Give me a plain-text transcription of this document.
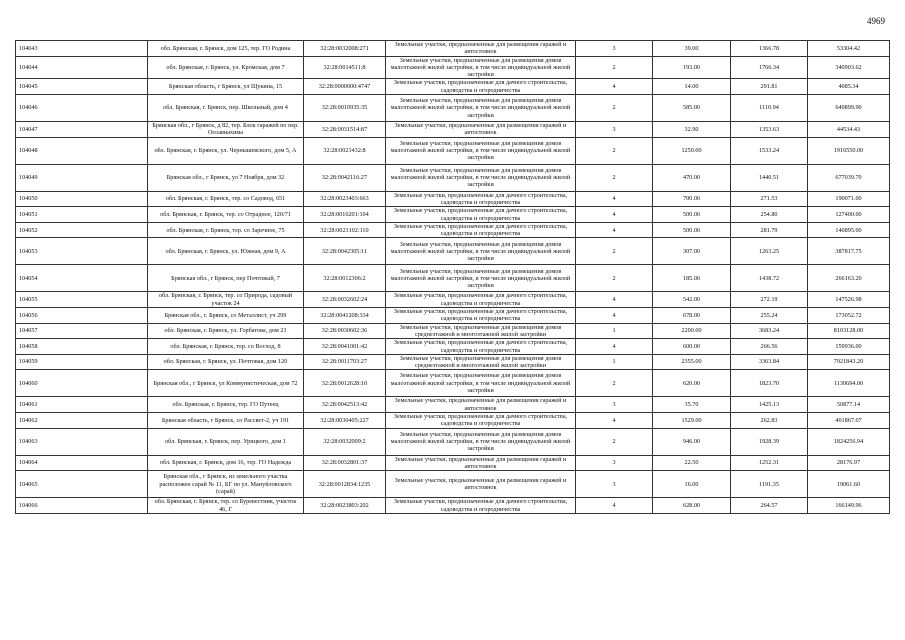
4969
104043	обл. Брянская, г. Брянск, дом 125, тер. ГО Родина	32:28:0032008:271	Земельные участки, предназначенные для размещения гаражей и автостоянок	3	39.00	1366.78	53304.42
104044	обл. Брянская, г. Брянск, ул. Кромская, дом 7	32:28:0014511:8	Земельные участки, предназначенные для размещения домов малоэтажной жилой застройки, в том числе индивидуальной жилой застройки	2	193.00	1766.34	340903.62
104045	Брянская область, г Брянск, ул Щукина, 15	32:28:0000000:4747	Земельные участки, предназначенные для дачного строительства, садоводства и огородничества	4	14.00	291.81	4085.34
104046	обл. Брянская, г. Брянск, пер. Школьный, дом 4	32:28:0010935:35	Земельные участки, предназначенные для размещения домов малоэтажной жилой застройки, в том числе индивидуальной жилой застройки	2	585.00	1110.94	649899.90
104047	Брянская обл., г Брянск, д 82, тер. Блок гаражей по пер. Осоавиахима	32:28:0031514:87	Земельные участки, предназначенные для размещения гаражей и автостоянок	3	32.90	1353.63	44534.43
104048	обл. Брянская, г. Брянск, ул. Чернышевского, дом 5, А	32:28:0021432:8	Земельные участки, предназначенные для размещения домов малоэтажной жилой застройки, в том числе индивидуальной жилой застройки	2	1250.00	1533.24	1916550.00
104049	Брянская обл., г Брянск, ул 7 Ноября, дом 32	32:28:0042116:27	Земельные участки, предназначенные для размещения домов малоэтажной жилой застройки, в том числе индивидуальной жилой застройки	2	470.00	1440.51	677039.70
104050	обл. Брянская, г. Брянск, тер. со Садовод, 651	32:28:0023403:663	Земельные участки, предназначенные для дачного строительства, садоводства и огородничества	4	700.00	271.53	190071.00
104051	обл. Брянская, г. Брянск, тер. со Отрадное, 120/71	32:28:0010201:104	Земельные участки, предназначенные для дачного строительства, садоводства и огородничества	4	500.00	254.80	127400.00
104052	обл. Брянская, г. Брянск, тер. со Заречное, 75	32:28:0023102:110	Земельные участки, предназначенные для дачного строительства, садоводства и огородничества	4	500.00	281.79	140895.00
104053	обл. Брянская, г. Брянск, ул. Южная, дом 9, А	32:28:0042305:11	Земельные участки, предназначенные для размещения домов малоэтажной жилой застройки, в том числе индивидуальной жилой застройки	2	307.00	1263.25	387817.75
104054	Брянская обл., г Брянск, пер Почтовый, 7	32:28:0012306:2	Земельные участки, предназначенные для размещения домов малоэтажной жилой застройки, в том числе индивидуальной жилой застройки	2	185.00	1438.72	266163.20
104055	обл. Брянская, г. Брянск, тер. со Природа, садовый участок 24	32:28:0032602:24	Земельные участки, предназначенные для дачного строительства, садоводства и огородничества	4	542.00	272.19	147526.98
104056	Брянская обл., г. Брянск, со Металлист, уч 299	32:28:0041208:334	Земельные участки, предназначенные для дачного строительства, садоводства и огородничества	4	678.00	255.24	173052.72
104057	обл. Брянская, г. Брянск, ул. Горбатова, дом 21	32:28:0030602:36	Земельные участки, предназначенные для размещения домов среднеэтажной и многоэтажной жилой застройки	1	2200.00	3683.24	8103128.00
104058	обл. Брянская, г. Брянск, тер. со Восход, 8	32:28:0041001:42	Земельные участки, предназначенные для дачного строительства, садоводства и огородничества	4	600.00	266.56	159936.00
104059	обл. Брянская, г. Брянск, ул. Почтовая, дом 120	32:28:0011703:27	Земельные участки, предназначенные для размещения домов среднеэтажной и многоэтажной жилой застройки	1	2355.00	3363.84	7921843.20
104060	Брянская обл., г Брянск, ул Коммунистическая, дом 72	32:28:0012628:10	Земельные участки, предназначенные для размещения домов малоэтажной жилой застройки, в том числе индивидуальной жилой застройки	2	620.00	1823.70	1130694.00
104061	обл. Брянская, г. Брянск, тер. ГО Путеец	32:28:0042513:42	Земельные участки, предназначенные для размещения гаражей и автостоянок	3	35.70	1425.13	50877.14
104062	Брянская область, г Брянск, со Рассвет-2, уч 191	32:28:0030405:227	Земельные участки, предназначенные для дачного строительства, садоводства и огородничества	4	1529.00	262.83	401867.07
104063	обл. Брянская, г. Брянск, пер. Урицкого, дом 1	32:28:0032009:2	Земельные участки, предназначенные для размещения домов малоэтажной жилой застройки, в том числе индивидуальной жилой застройки	2	946.00	1928.39	1824256.94
104064	обл. Брянская, г. Брянск, дом 16, тер. ГО Надежда	32:28:0032801:37	Земельные участки, предназначенные для размещения гаражей и автостоянок	3	22.50	1252.31	28176.97
104065	Брянская обл., г Брянск, из земельного участка расположен сарай № 11, БГ по ул. Мануйловского (сарай)	32:28:0012834:1235	Земельные участки, предназначенные для размещения гаражей и автостоянок	3	16.00	1191.35	19061.60
104066	обл. Брянская, г. Брянск, тер. со Буревестник, участок 46, Г	32:28:0023803:202	Земельные участки, предназначенные для дачного строительства, садоводства и огородничества	4	628.00	264.57	166149.96
